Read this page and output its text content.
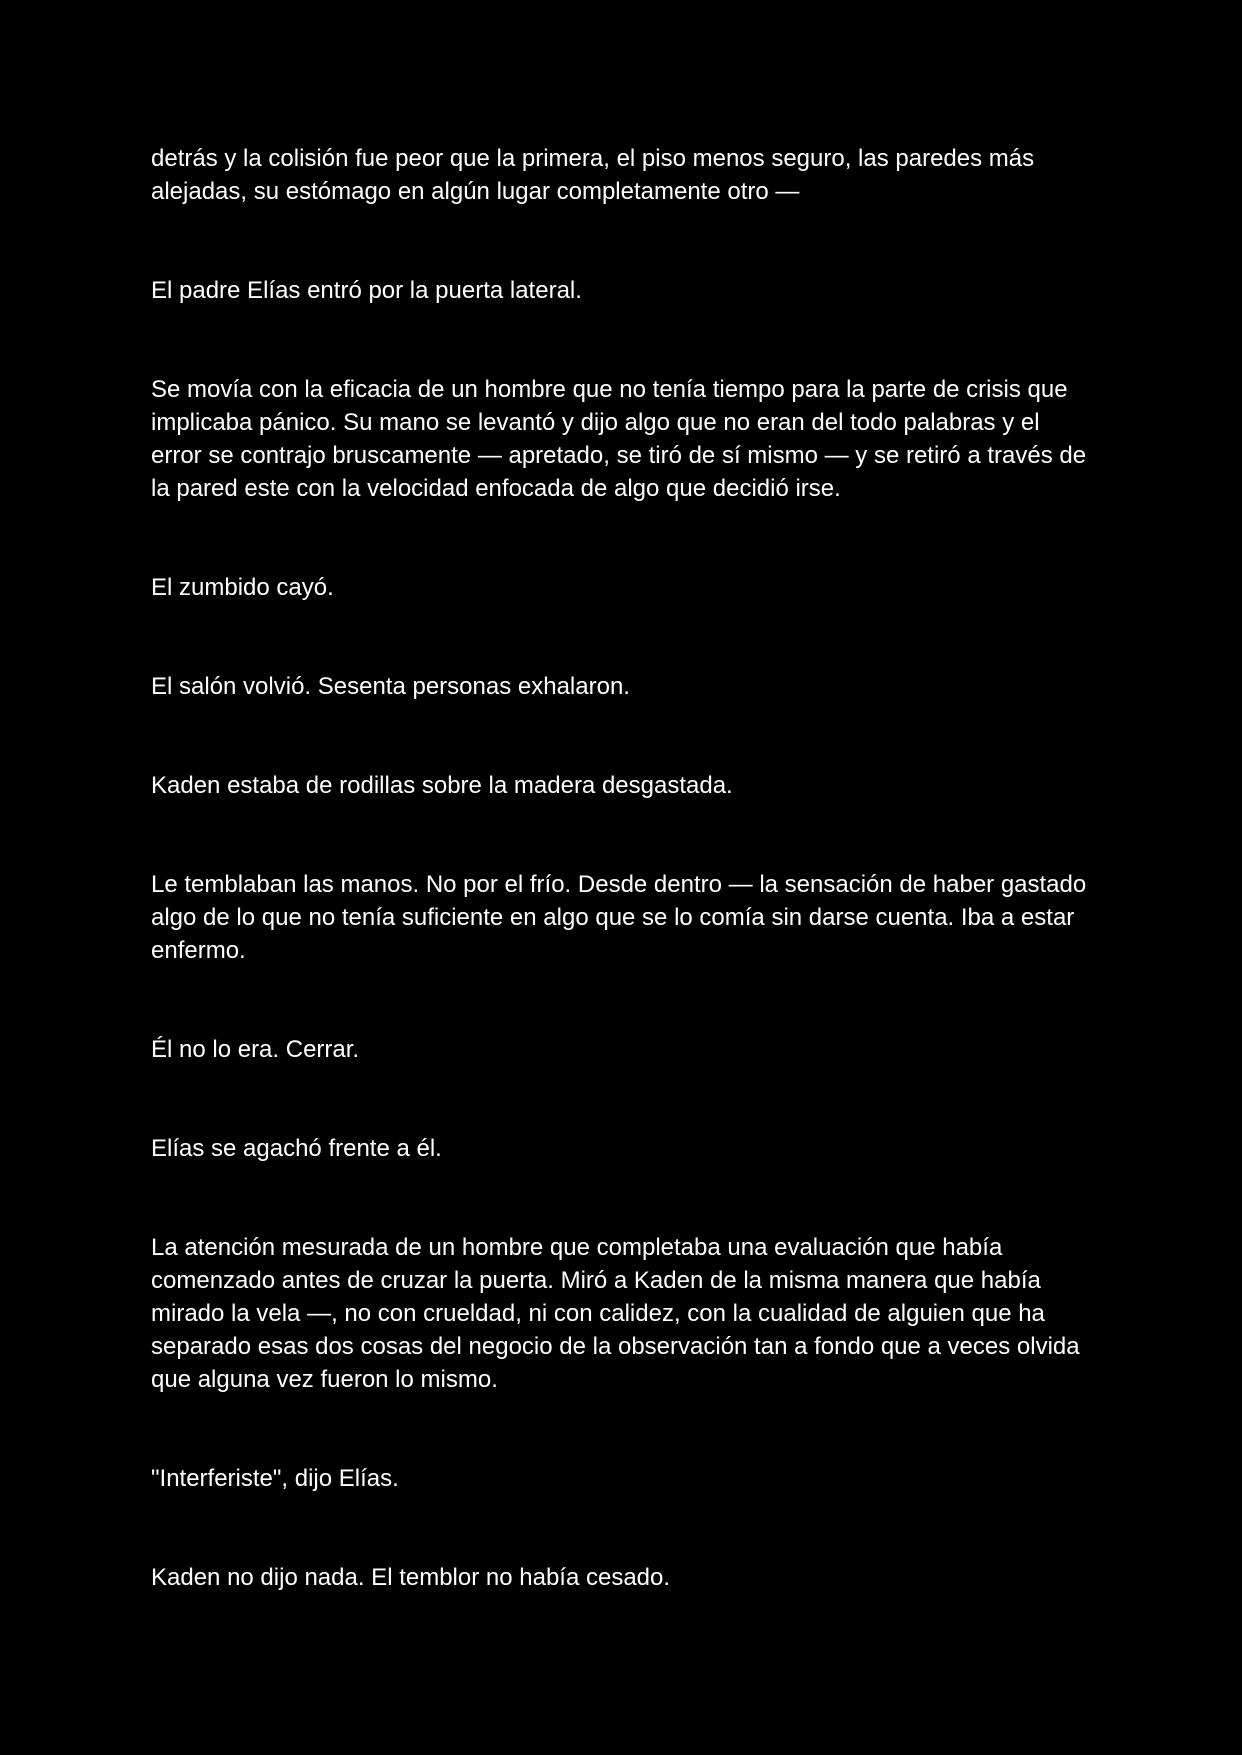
detrás y la colisión fue peor que la primera, el piso menos seguro, las paredes más alejadas, su estómago en algún lugar completamente otro —

El padre Elías entró por la puerta lateral.

Se movía con la eficacia de un hombre que no tenía tiempo para la parte de crisis que implicaba pánico. Su mano se levantó y dijo algo que no eran del todo palabras y el error se contrajo bruscamente — apretado, se tiró de sí mismo — y se retiró a través de la pared este con la velocidad enfocada de algo que decidió irse.

El zumbido cayó.

El salón volvió. Sesenta personas exhalaron.

Kaden estaba de rodillas sobre la madera desgastada.

Le temblaban las manos. No por el frío. Desde dentro — la sensación de haber gastado algo de lo que no tenía suficiente en algo que se lo comía sin darse cuenta. Iba a estar enfermo.

Él no lo era. Cerrar.

Elías se agachó frente a él.

La atención mesurada de un hombre que completaba una evaluación que había comenzado antes de cruzar la puerta. Miró a Kaden de la misma manera que había mirado la vela —, no con crueldad, ni con calidez, con la cualidad de alguien que ha separado esas dos cosas del negocio de la observación tan a fondo que a veces olvida que alguna vez fueron lo mismo.

"Interferiste", dijo Elías.

Kaden no dijo nada. El temblor no había cesado.
